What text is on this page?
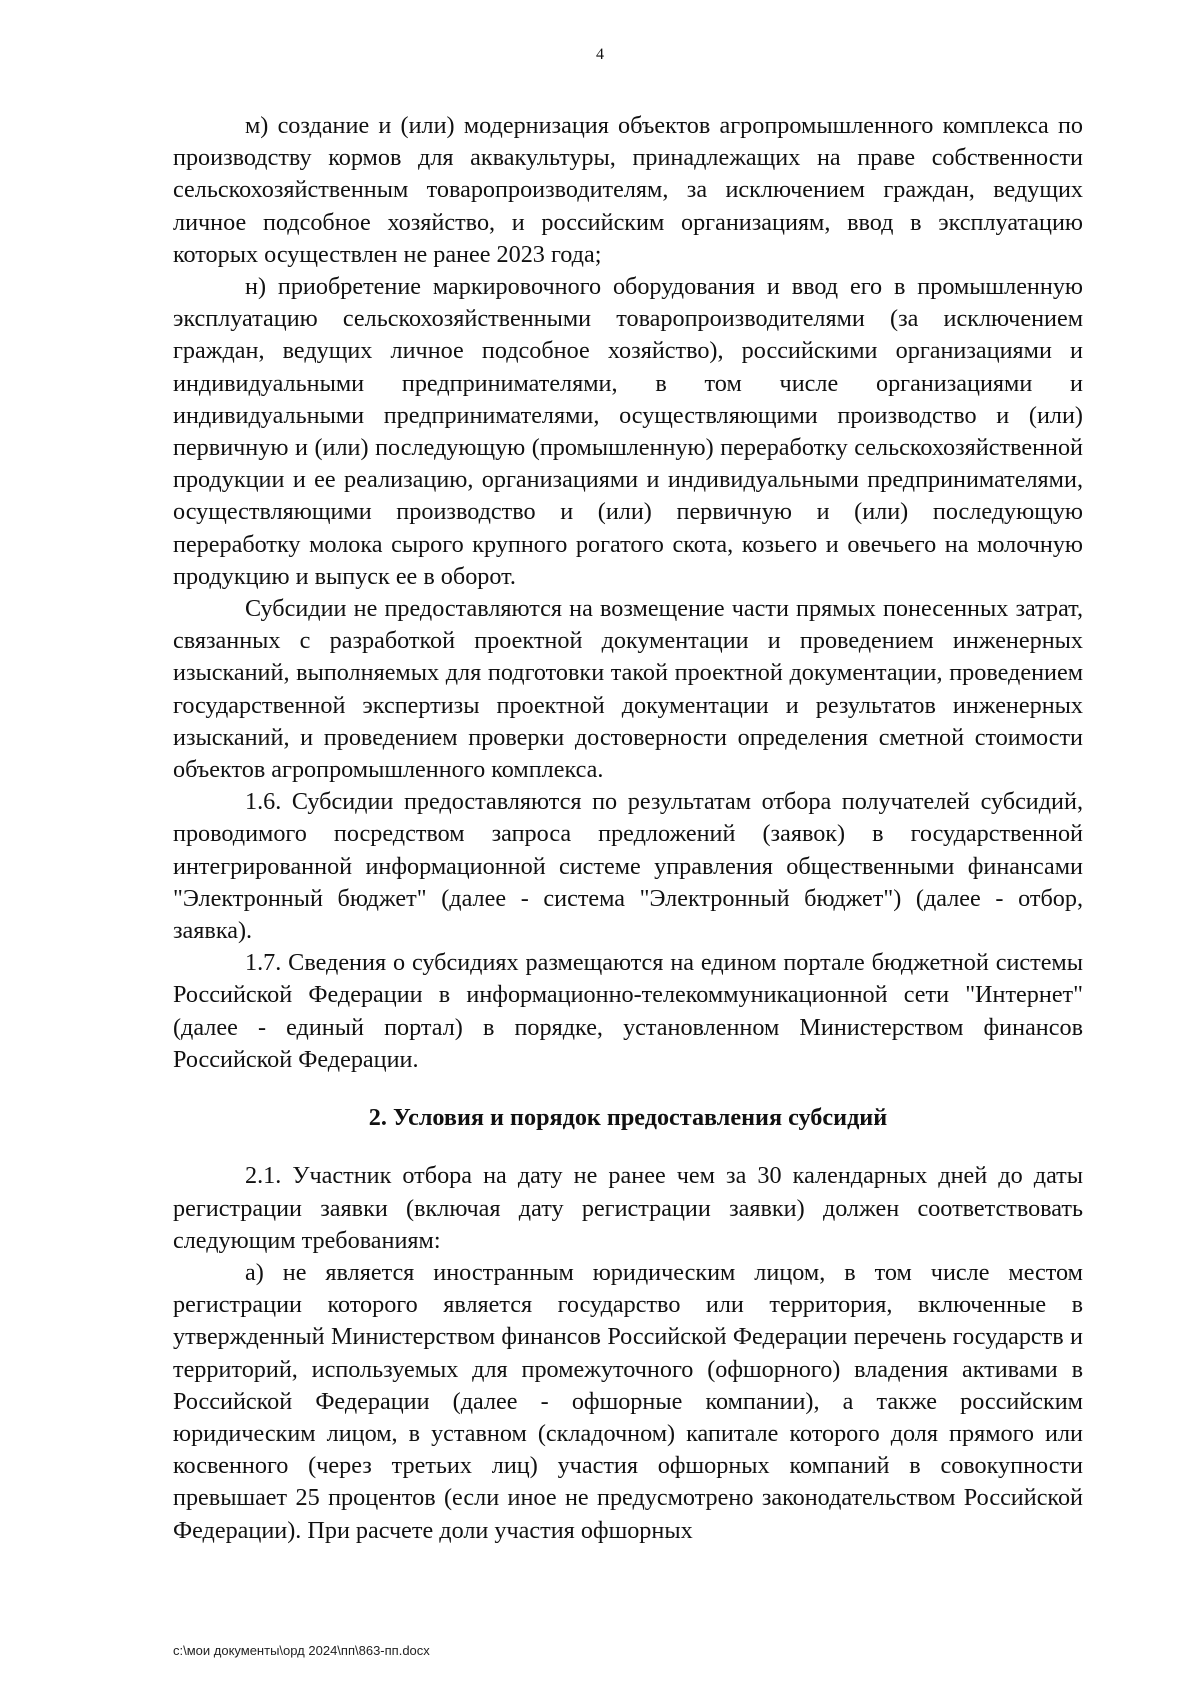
4

м) создание и (или) модернизация объектов агропромышленного комплекса по производству кормов для аквакультуры, принадлежащих на праве собственности сельскохозяйственным товаропроизводителям, за исключением граждан, ведущих личное подсобное хозяйство, и российским организациям, ввод в эксплуатацию которых осуществлен не ранее 2023 года;

н) приобретение маркировочного оборудования и ввод его в промышленную эксплуатацию сельскохозяйственными товаропроизводителями (за исключением граждан, ведущих личное подсобное хозяйство), российскими организациями и индивидуальными предпринимателями, в том числе организациями и индивидуальными предпринимателями, осуществляющими производство и (или) первичную и (или) последующую (промышленную) переработку сельскохозяйственной продукции и ее реализацию, организациями и индивидуальными предпринимателями, осуществляющими производство и (или) первичную и (или) последующую переработку молока сырого крупного рогатого скота, козьего и овечьего на молочную продукцию и выпуск ее в оборот.

Субсидии не предоставляются на возмещение части прямых понесенных затрат, связанных с разработкой проектной документации и проведением инженерных изысканий, выполняемых для подготовки такой проектной документации, проведением государственной экспертизы проектной документации и результатов инженерных изысканий, и проведением проверки достоверности определения сметной стоимости объектов агропромышленного комплекса.

1.6. Субсидии предоставляются по результатам отбора получателей субсидий, проводимого посредством запроса предложений (заявок) в государственной интегрированной информационной системе управления общественными финансами "Электронный бюджет" (далее - система "Электронный бюджет") (далее - отбор, заявка).

1.7. Сведения о субсидиях размещаются на едином портале бюджетной системы Российской Федерации в информационно-телекоммуникационной сети "Интернет" (далее - единый портал) в порядке, установленном Министерством финансов Российской Федерации.

2. Условия и порядок предоставления субсидий

2.1. Участник отбора на дату не ранее чем за 30 календарных дней до даты регистрации заявки (включая дату регистрации заявки) должен соответствовать следующим требованиям:

а) не является иностранным юридическим лицом, в том числе местом регистрации которого является государство или территория, включенные в утвержденный Министерством финансов Российской Федерации перечень государств и территорий, используемых для промежуточного (офшорного) владения активами в Российской Федерации (далее - офшорные компании), а также российским юридическим лицом, в уставном (складочном) капитале которого доля прямого или косвенного (через третьих лиц) участия офшорных компаний в совокупности превышает 25 процентов (если иное не предусмотрено законодательством Российской Федерации). При расчете доли участия офшорных

c:\мои документы\орд 2024\пп\863-пп.docx
